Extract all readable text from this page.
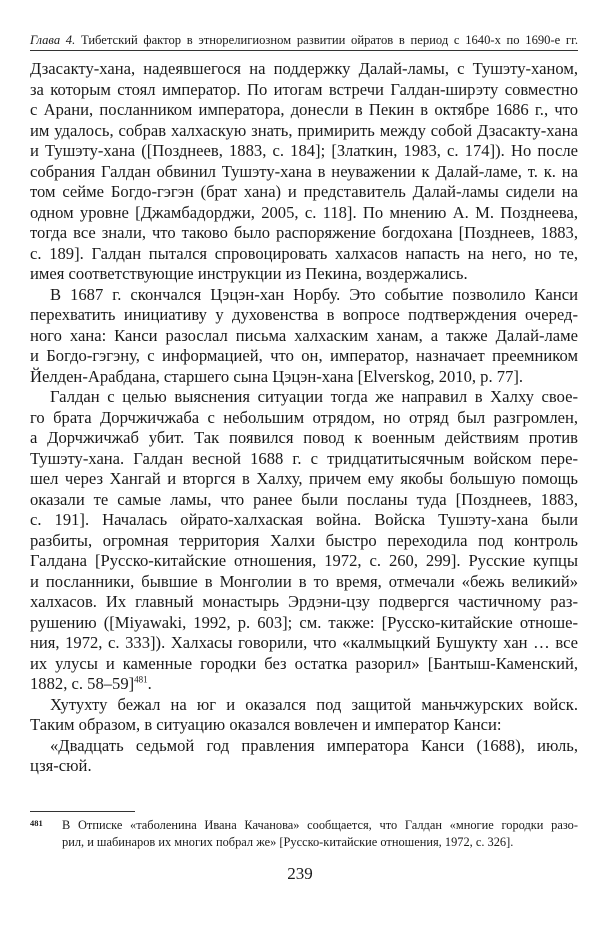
Глава 4. Тибетский фактор в этнорелигиозном развитии ойратов в период с 1640-х по 1690-е гг.
Дзасакту-хана, надеявшегося на поддержку Далай-ламы, с Тушэту-ханом,
за которым стоял император. По итогам встречи Галдан-ширэту совместно
с Арани, посланником императора, донесли в Пекин в октябре 1686 г., что
им удалось, собрав халхаскую знать, примирить между собой Дзасакту-хана
и Тушэту-хана ([Позднеев, 1883, с. 184]; [Златкин, 1983, с. 174]). Но после
собрания Галдан обвинил Тушэту-хана в неуважении к Далай-ламе, т. к. на
том сейме Богдо-гэгэн (брат хана) и представитель Далай-ламы сидели на
одном уровне [Джамбадорджи, 2005, с. 118]. По мнению А. М. Позднеева,
тогда все знали, что таково было распоряжение богдохана [Позднеев, 1883,
с. 189]. Галдан пытался спровоцировать халхасов напасть на него, но те,
имея соответствующие инструкции из Пекина, воздержались.
В 1687 г. скончался Цэцэн-хан Норбу. Это событие позволило Канси
перехватить инициативу у духовенства в вопросе подтверждения очеред-
ного хана: Канси разослал письма халхаским ханам, а также Далай-ламе
и Богдо-гэгэну, с информацией, что он, император, назначает преемником
Йелден-Арабдана, старшего сына Цэцэн-хана [Elverskog, 2010, p. 77].
Галдан с целью выяснения ситуации тогда же направил в Халху свое-
го брата Дорчжичжаба с небольшим отрядом, но отряд был разгромлен,
а Дорчжичжаб убит. Так появился повод к военным действиям против
Тушэту-хана. Галдан весной 1688 г. с тридцатитысячным войском пере-
шел через Хангай и вторгся в Халху, причем ему якобы большую помощь
оказали те самые ламы, что ранее были посланы туда [Позднеев, 1883,
с. 191]. Началась ойрато-халхаская война. Войска Тушэту-хана были
разбиты, огромная территория Халхи быстро переходила под контроль
Галдана [Русско-китайские отношения, 1972, с. 260, 299]. Русские купцы
и посланники, бывшие в Монголии в то время, отмечали «бежь великий»
халхасов. Их главный монастырь Эрдэни-цзу подвергся частичному раз-
рушению ([Miyawaki, 1992, p. 603]; см. также: [Русско-китайские отноше-
ния, 1972, с. 333]). Халхасы говорили, что «калмыцкий Бушукту хан … все
их улусы и каменные городки без остатка разорил» [Бантыш-Каменский,
1882, с. 58–59]$^{481}$.
Хутухту бежал на юг и оказался под защитой маньчжурских войск.
Таким образом, в ситуацию оказался вовлечен и император Канси:
«Двадцать седьмой год правления императора Канси (1688), июль,
цзя-сюй.
481 В Отписке «таболенина Ивана Качанова» сообщается, что Галдан «многие городки разо-
рил, и шабинаров их многих побрал же» [Русско-китайские отношения, 1972, с. 326].
239
